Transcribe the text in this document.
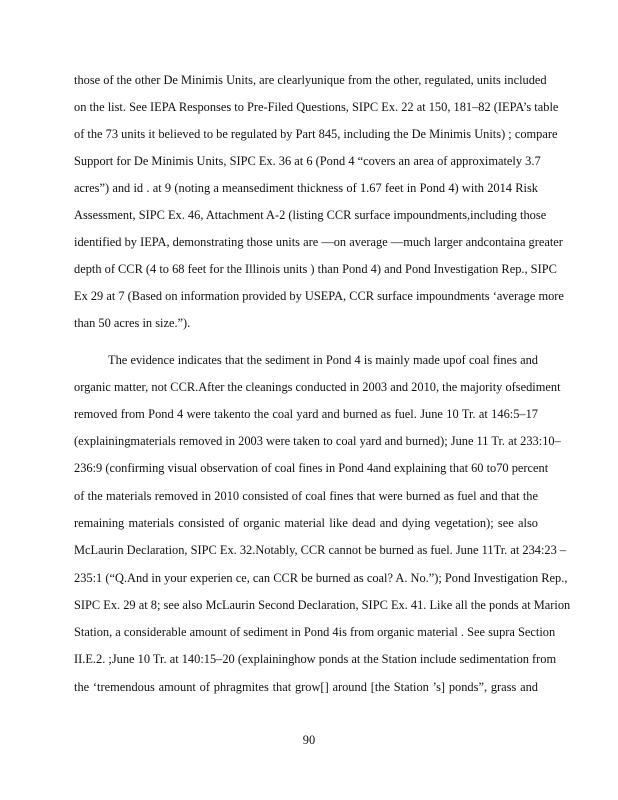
those of the other De Minimis Units, are clearlyunique from the other, regulated, units included
on the list. See IEPA Responses to Pre-Filed Questions, SIPC Ex. 22 at 150, 181–82 (IEPA’s table
of the 73 units it believed to be regulated by Part 845, including the De Minimis Units) ; compare
Support for De Minimis Units, SIPC Ex. 36 at 6 (Pond 4 “covers an area of approximately 3.7
acres”) and id . at 9 (noting a meansediment thickness of 1.67 feet in Pond 4) with 2014 Risk
Assessment, SIPC Ex. 46, Attachment A-2 (listing CCR surface impoundments,including those
identified by IEPA, demonstrating those units are —on average —much larger andcontaina greater
depth of CCR (4 to 68 feet for the Illinois units ) than Pond 4) and Pond Investigation Rep., SIPC
Ex 29 at 7 (Based on information provided by USEPA, CCR surface impoundments ‘average more
than 50 acres in size.”).
The evidence indicates that the sediment in Pond 4 is mainly made upof coal fines and
organic matter, not CCR.After the cleanings conducted in 2003 and 2010, the majority ofsediment
removed from Pond 4 were takento the coal yard and burned as fuel. June 10 Tr. at 146:5–17
(explainingmaterials removed in 2003 were taken to coal yard and burned); June 11 Tr. at 233:10–
236:9 (confirming visual observation of coal fines in Pond 4and explaining that 60 to70 percent
of the materials removed in 2010 consisted of coal fines that were burned as fuel and that the
remaining materials consisted of organic material like dead and dying vegetation); see also
McLaurin Declaration, SIPC Ex. 32.Notably, CCR cannot be burned as fuel. June 11Tr. at 234:23 –
235:1 (“Q.And in your experien ce, can CCR be burned as coal? A. No.”); Pond Investigation Rep.,
SIPC Ex. 29 at 8; see also McLaurin Second Declaration, SIPC Ex. 41. Like all the ponds at Marion
Station, a considerable amount of sediment in Pond 4is from organic material . See supra Section
II.E.2. ;June 10 Tr. at 140:15–20 (explaininghow ponds at the Station include sedimentation from
the ‘tremendous amount of phragmites that grow[] around [the Station ’s] ponds”, grass and
90
